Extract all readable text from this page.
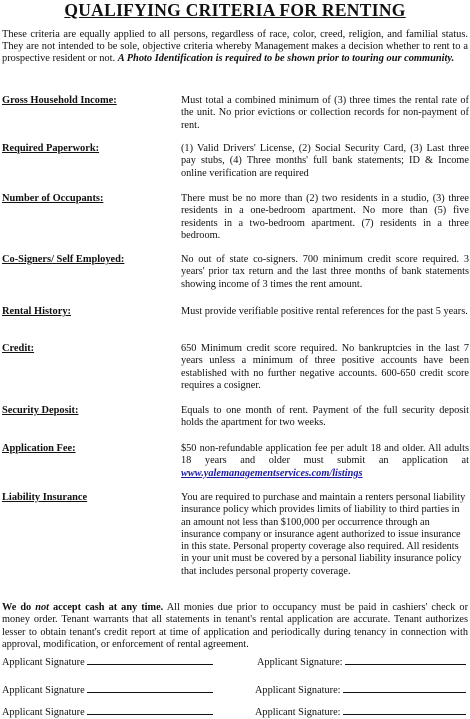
QUALIFYING CRITERIA FOR RENTING
These criteria are equally applied to all persons, regardless of race, color, creed, religion, and familial status. They are not intended to be sole, objective criteria whereby Management makes a decision whether to rent to a prospective resident or not. A Photo Identification is required to be shown prior to touring our community.
Gross Household Income:	Must total a combined minimum of (3) three times the rental rate of the unit. No prior evictions or collection records for non-payment of rent.
Required Paperwork:	(1) Valid Drivers' License, (2) Social Security Card, (3) Last three pay stubs, (4) Three months' full bank statements; ID & Income online verification are required
Number of Occupants:	There must be no more than (2) two residents in a studio, (3) three residents in a one-bedroom apartment. No more than (5) five residents in a two-bedroom apartment. (7) residents in a three bedroom.
Co-Signers/ Self Employed:	No out of state co-signers. 700 minimum credit score required. 3 years' prior tax return and the last three months of bank statements showing income of 3 times the rent amount.
Rental History:	Must provide verifiable positive rental references for the past 5 years.
Credit:	650 Minimum credit score required. No bankruptcies in the last 7 years unless a minimum of three positive accounts have been established with no further negative accounts. 600-650 credit score requires a cosigner.
Security Deposit:	Equals to one month of rent. Payment of the full security deposit holds the apartment for two weeks.
Application Fee:	$50 non-refundable application fee per adult 18 and older. All adults 18 years and older must submit an application at www.yalemanagementservices.com/listings
Liability Insurance	You are required to purchase and maintain a renters personal liability insurance policy which provides limits of liability to third parties in an amount not less than $100,000 per occurrence through an insurance company or insurance agent authorized to issue insurance in this state. Personal property coverage also required. All residents in your unit must be covered by a personal liability insurance policy that includes personal property coverage.
We do not accept cash at any time. All monies due prior to occupancy must be paid in cashiers' check or money order. Tenant warrants that all statements in tenant's rental application are accurate. Tenant authorizes lesser to obtain tenant's credit report at time of application and periodically during tenancy in connection with approval, modification, or enforcement of rental agreement.
Applicant Signature	Applicant Signature:
Applicant Signature	Applicant Signature:
Applicant Signature	Applicant Signature:
